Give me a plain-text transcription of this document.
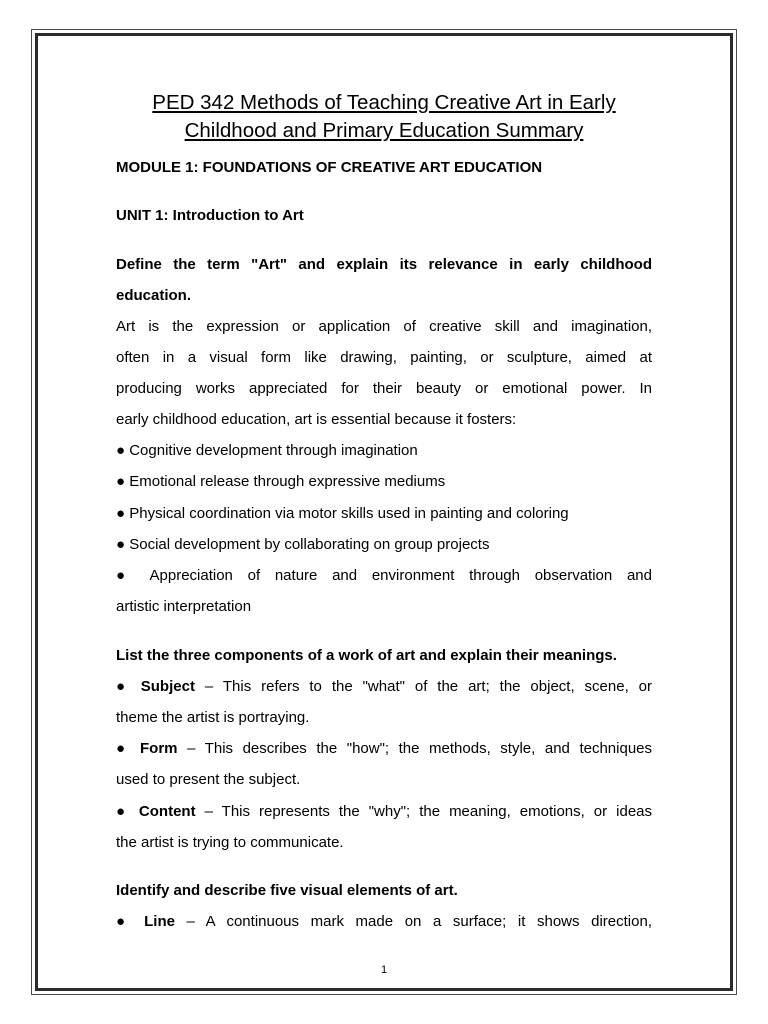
PED 342 Methods of Teaching Creative Art in Early
Childhood and Primary Education Summary
MODULE 1: FOUNDATIONS OF CREATIVE ART EDUCATION
UNIT 1: Introduction to Art
Define the term "Art" and explain its relevance in early childhood
education.
Art is the expression or application of creative skill and imagination,
often in a visual form like drawing, painting, or sculpture, aimed at
producing works appreciated for their beauty or emotional power. In
early childhood education, art is essential because it fosters:
● Cognitive development through imagination
● Emotional release through expressive mediums
● Physical coordination via motor skills used in painting and coloring
● Social development by collaborating on group projects
● Appreciation of nature and environment through observation and
artistic interpretation
List the three components of a work of art and explain their meanings.
● Subject – This refers to the "what" of the art; the object, scene, or
theme the artist is portraying.
● Form – This describes the "how"; the methods, style, and techniques
used to present the subject.
● Content – This represents the "why"; the meaning, emotions, or ideas
the artist is trying to communicate.
Identify and describe five visual elements of art.
● Line – A continuous mark made on a surface; it shows direction,
1
